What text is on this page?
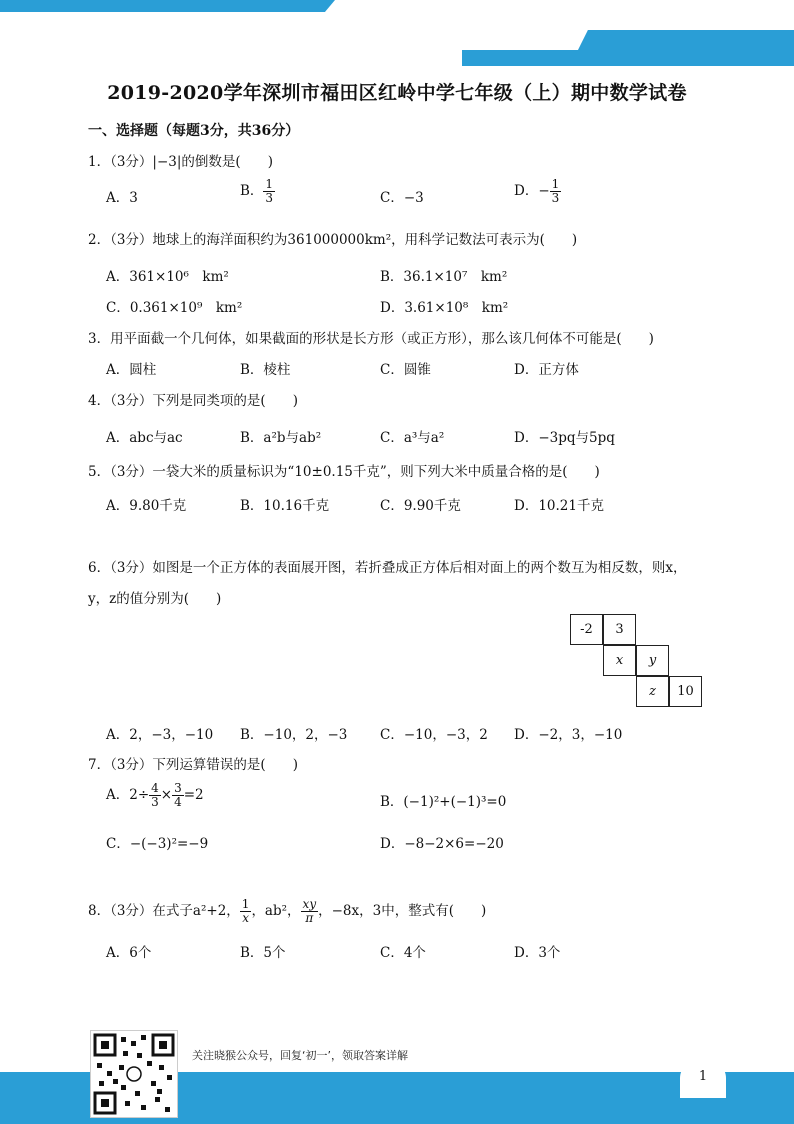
2019-2020学年深圳市福田区红岭中学七年级（上）期中数学试卷
一、选择题（每题3分，共36分）
1．（3分）|−3|的倒数是(　　)
A．3	B． $\frac{1}{3}$	C．−3	D．− $\frac{1}{3}$
2．（3分）地球上的海洋面积约为361000000km²，用科学记数法可表示为(　　)
A．361×10⁶　km²	B．36.1×10⁷　km²
C．0.361×10⁹　km²	D．3.61×10⁸　km²
3．用平面截一个几何体，如果截面的形状是长方形（或正方形），那么该几何体不可能是(　　)
A．圆柱	B．棱柱	C．圆锥	D．正方体
4．（3分）下列是同类项的是(　　)
A．abc与ac	B．a²b与ab²	C．a³与a²	D．−3pq与5pq
5．（3分）一袋大米的质量标识为“10±0.15千克”，则下列大米中质量合格的是(　　)
A．9.80千克	B．10.16千克	C．9.90千克	D．10.21千克
6．（3分）如图是一个正方体的表面展开图，若折叠成正方体后相对面上的两个数互为相反数，则x，
y，z的值分别为(　　)
-2	3
x	y
z	10
A．2，−3，−10 B．−10，2，−3 C．−10，−3，2 D．−2，3，−10
7．（3分）下列运算错误的是(　　)
A．$2\div \frac{4}{3} \times \frac{3}{4} =2$	B．(−1)²+(−1)³=0
C．−(−3)²=−9	D．−8−2×6=−20
8．（3分）在式子a²+2， $\frac{1}{x}$ ，ab²， $\frac{xy}{\pi}$ ，−8x，3中，整式有(　　)
A．6个	B．5个	C．4个	D．3个
关注晓猴公众号，回复‘初一’，领取答案详解
1
